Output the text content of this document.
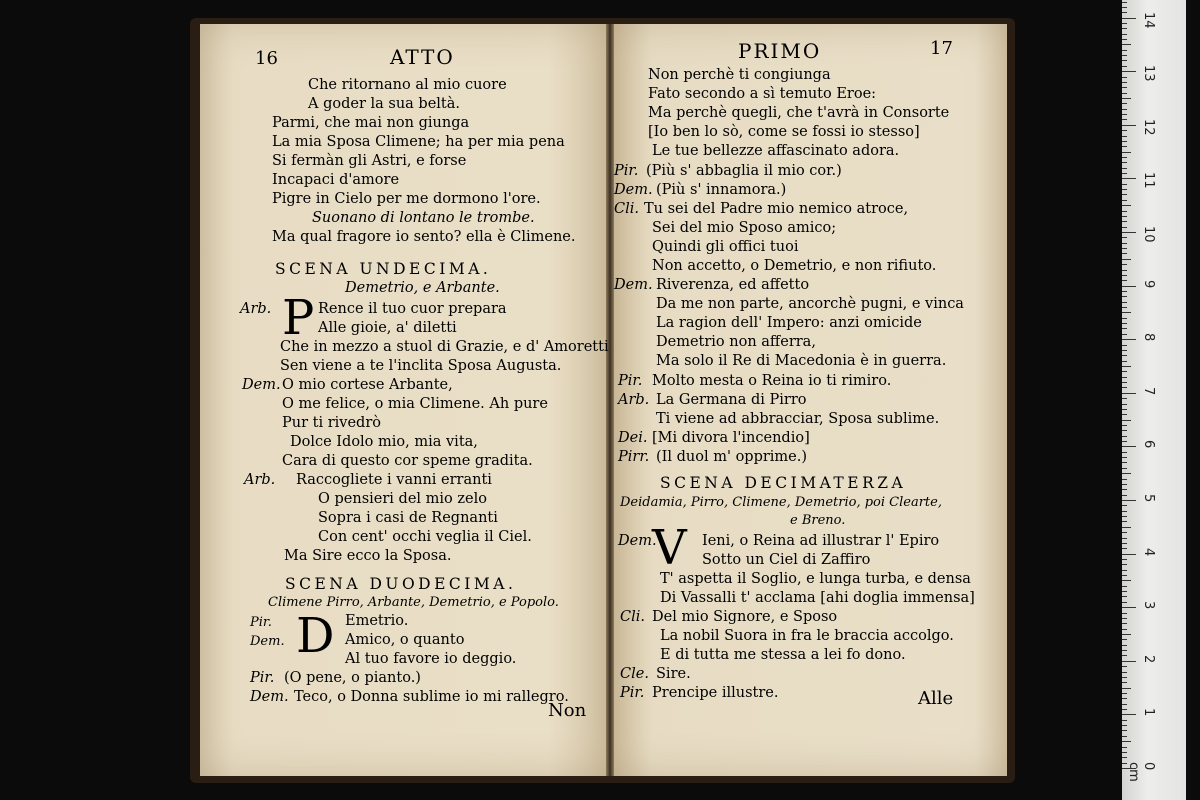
16	ATTO
Che ritornano al mio cuore
A goder la sua beltà.
Parmi, che mai non giunga
La mia Sposa Climene; ha per mia pena
Si fermàn gli Astri, e forse
Incapaci d'amore
Pigre in Cielo per me dormono l'ore.
Suonano di lontano le trombe.
Ma qual fragore io sento? ella è Climene.
SCENA UNDECIMA.
Demetrio, e Arbante.
Arb. P Rence il tuo cuor prepara
Alle gioie, a' diletti
Che in mezzo a stuol di Grazie, e d' Amoretti
Sen viene a te l'inclita Sposa Augusta.
Dem. O mio cortese Arbante,
O me felice, o mia Climene. Ah pure
Pur ti rivedrò
Dolce Idolo mio, mia vita,
Cara di questo cor speme gradita.
Arb. Raccogliete i vanni erranti
O pensieri del mio zelo
Sopra i casi de Regnanti
Con cent' occhi veglia il Ciel.
Ma Sire ecco la Sposa.
SCENA DUODECIMA.
Climene Pirro, Arbante, Demetrio, e Popolo.
Pir.	Emetrio.
Dem. D Amico, o quanto
Al tuo favore io deggio.
Pir. (O pene, o pianto.)
Dem. Teco, o Donna sublime io mi rallegro.
Non
PRIMO	17
Non perchè ti congiunga
Fato secondo a sì temuto Eroe:
Ma perchè quegli, che t'avrà in Consorte
[Io ben lo sò, come se fossi io stesso]
Le tue bellezze affascinato adora.
Pir. (Più s' abbaglia il mio cor.)
Dem. (Più s' innamora.)
Cli. Tu sei del Padre mio nemico atroce,
Sei del mio Sposo amico;
Quindi gli offici tuoi
Non accetto, o Demetrio, e non rifiuto.
Dem. Riverenza, ed affetto
Da me non parte, ancorchè pugni, e vinca
La ragion dell' Impero: anzi omicide
Demetrio non afferra,
Ma solo il Re di Macedonia è in guerra.
Pir. Molto mesta o Reina io ti rimiro.
Arb. La Germana di Pirro
Ti viene ad abbracciar, Sposa sublime.
Dei. [Mi divora l'incendio]
Pirr. (Il duol m' opprime.)
SCENA DECIMATERZA
Deidamia, Pirro, Climene, Demetrio, poi Clearte,
e Breno.
Dem.
V Ieni, o Reina ad illustrar l' Epiro
Sotto un Ciel di Zaffiro
T' aspetta il Soglio, e lunga turba, e densa
Di Vassalli t' acclama [ahi doglia immensa]
Cli. Del mio Signore, e Sposo
La nobil Suora in fra le braccia accolgo.
E di tutta me stessa a lei fo dono.
Cle. Sire.
Pir. Prencipe illustre.	Alle
0 cm
1
2
3
4
5
6
7
8
9
10
11
12
13
14
